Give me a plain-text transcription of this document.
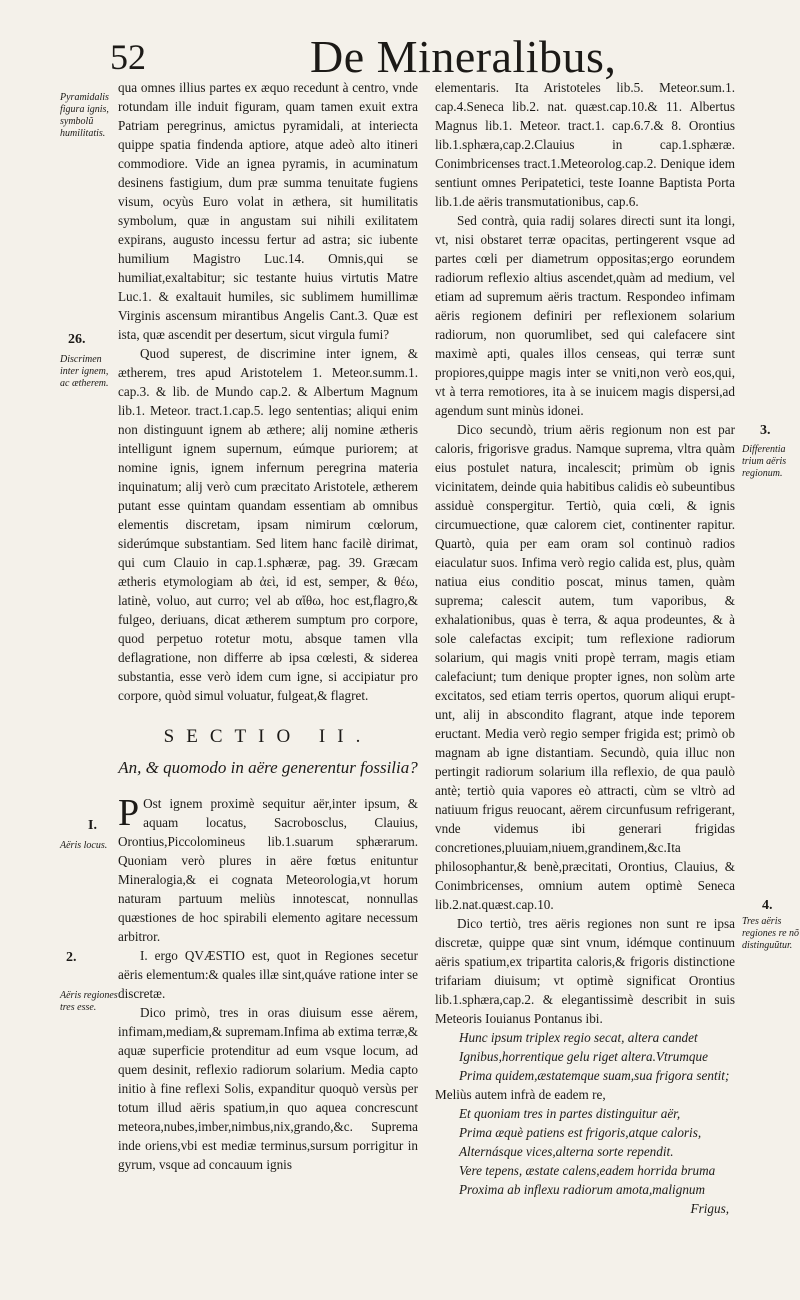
52	De Mineralibus,
Pyramidalis figura ignis, symbolũ humilitatis.
26.
Discrimen inter ignem, ac ætherem.
I.
Aëris locus.
2.
Aëris regiones tres esse.
3.
Differentia trium aëris regionum.
4.
Tres aëris regiones re nõ distinguũtur.

qua omnes illius partes ex æquo recedunt à centro, vnde rotundam ille induit figuram, quam tamen exuit extra Patriam peregrinus, amictus pyramidali, at interiecta quippe spatia findenda aptiore, atque adeò alto itineri commodiore. Vide an ignea pyramis, in acuminatum desinens fastigium, dum præ summa tenuitate fugiens visum, ocyùs Euro volat in æthera, sit humilitatis symbolum, quæ in angustam sui nihili exilitatem expirans, augusto incessu fertur ad astra; sic iubente humilium Magistro Luc.14. Omnis,qui se humiliat,exaltabitur; sic testante huius virtutis Matre Luc.1. & exaltauit humiles, sic sublimem humillimæ Virginis ascensum mirantibus Angelis Cant.3. Quæ est ista, quæ ascendit per desertum, sicut virgula fumi?

Quod superest, de discrimine inter ignem, & ætherem, tres apud Aristotelem 1. Meteor.summ.1. cap.3. & lib. de Mundo cap.2. & Albertum Magnum lib.1. Meteor. tract.1.cap.5. lego sententias; aliqui enim non distinguunt ignem ab æthere; alij nomine ætheris intelligunt ignem supernum, eúmque puriorem; at nomine ignis, ignem infernum peregrina materia inquinatum; alij verò cum præcitato Aristotele, ætherem putant esse quintam quandam essentiam ab omnibus elementis discretam, ipsam nimirum cœlorum, siderúmque substantiam. Sed litem hanc facilè dirimat, qui cum Clauio in cap.1.sphæræ, pag. 39. Græcam ætheris etymologiam ab ἀεὶ, id est, semper, & θέω, latinè, voluo, aut curro; vel ab αἴθω, hoc est,flagro,& fulgeo, deriuans, dicat ætherem sumptum pro corpore, quod perpetuo rotetur motu, absque tamen vlla deflagratione, non differre ab ipsa cœlesti, & siderea substantia, esse verò idem cum igne, si accipiatur pro corpore, quòd simul voluatur, fulgeat,& flagret.

SECTIO II.
An, & quomodo in aëre generentur fossilia?

P Ost ignem proximè sequitur aër,inter ipsum, & aquam locatus, Sacrobosclus, Clauius, Orontius,Piccolomineus lib.1.suarum sphærarum. Quoniam verò plures in aëre fœtus enituntur Mineralogia,& ei cognata Meteorologia,vt horum naturam partuum meliùs innotescat, nonnullas quæstiones de hoc spirabili elemento agitare necessum arbitror.

I. ergo QVÆSTIO est, quot in Regiones secetur aëris elementum:& quales illæ sint,quáve ratione inter se discretæ.

Dico primò, tres in oras diuisum esse aërem, infimam,mediam,& supremam.Infima ab extima terræ,& aquæ superficie protenditur ad eum vsque locum, ad quem desinit, reflexio radiorum solarium. Media capto initio à fine reflexi Solis, expanditur quoquò versùs per totum illud aëris spatium,in quo aquea concrescunt meteora,nubes,imber,nimbus,nix,grando,&c. Suprema inde oriens,vbi est mediæ terminus,sursum porrigitur in gyrum, vsque ad concauum ignis

elementaris. Ita Aristoteles lib.5. Meteor.sum.1. cap.4.Seneca lib.2. nat. quæst.cap.10.& 11. Albertus Magnus lib.1. Meteor. tract.1. cap.6.7.& 8. Orontius lib.1.sphæra,cap.2.Clauius in cap.1.sphæræ. Conimbricenses tract.1.Meteorolog.cap.2. Denique idem sentiunt omnes Peripatetici, teste Ioanne Baptista Porta lib.1.de aëris transmutationibus, cap.6.

Sed contrà, quia radij solares directi sunt ita longi, vt, nisi obstaret terræ opacitas, pertingerent vsque ad partes cœli per diametrum oppositas;ergo eorundem radiorum reflexio altius ascendet,quàm ad medium, vel etiam ad supremum aëris tractum. Respondeo infimam aëris regionem definiri per reflexionem solarium radiorum, non quorumlibet, sed qui calefacere sint maximè apti, quales illos censeas, qui terræ sunt propiores,quippe magis inter se vniti,non verò eos,qui, vt à terra remotiores, ita à se inuicem magis dispersi,ad agendum sunt minùs idonei.

Dico secundò, trium aëris regionum non est par caloris, frigorisve gradus. Namque suprema, vltra quàm eius postulet natura, incalescit; primùm ob ignis vicinitatem, deinde quia habitibus calidis eò subeuntibus assiduè conspergitur. Tertiò, quia cœli, & ignis circumuectione, quæ calorem ciet, continenter rapitur. Quartò, quia per eam oram sol continuò radios eiaculatur suos. Infima verò regio calida est, plus, quàm natiua eius conditio poscat, minus tamen, quàm suprema; calescit autem, tum vaporibus, & exhalationibus, quas è terra, & aqua prodeuntes, & à sole calefactas excipit; tum reflexione radiorum solarium, qui magis vniti propè terram, magis etiam calefaciunt; tum denique propter ignes, non solùm arte excitatos, sed etiam terris opertos, quorum aliqui eruptunt, alij in abscondito flagrant, atque inde teporem eructant. Media verò regio semper frigida est; primò ob magnam ab igne distantiam. Secundò, quia illuc non pertingit radiorum solarium illa reflexio, de qua paulò antè; tertiò quia vapores eò attracti, cùm se vltrò ad natiuum frigus reuocant, aërem circunfusum refrigerant, vnde videmus ibi generari frigidas concretiones,pluuiam,niuem,grandinem,&c.Ita philosophantur,& benè,præcitati, Orontius, Clauius, & Conimbricenses, omnium autem optimè Seneca lib.2.nat.quæst.cap.10.

Dico tertiò, tres aëris regiones non sunt re ipsa discretæ, quippe quæ sint vnum, idémque continuum aëris spatium,ex tripartita caloris,& frigoris distinctione trifariam diuisum; vt optimè significat Orontius lib.1.sphæra,cap.2. & elegantissimè describit in suis Meteoris Iouianus Pontanus ibi.

Hunc ipsum triplex regio secat, altera candet

Ignibus,horrentique gelu riget altera.Vtrumque

Prima quidem,æstatemque suam,sua frigora sentit;

Meliùs autem infrà de eadem re,

Et quoniam tres in partes distinguitur aër,

Prima æquè patiens est frigoris,atque caloris,

Alternásque vices,alterna sorte rependit.

Vere tepens, æstate calens,eadem horrida bruma

Proxima ab inflexu radiorum amota,malignum

Frigus,
